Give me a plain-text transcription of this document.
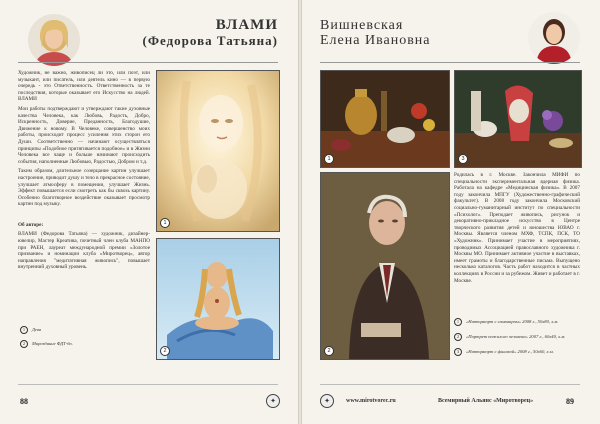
ВЛАМИ
(Федорова Татьяна)

Художник, не важно, живописец ли это, или поэт, или музыкант, или писатель, или деятель кино — в первую очередь - это Ответственность. Ответственность за те последствия, которые оказывает его Искусство на людей. ВЛАМИ

Мои работы подтверждают и утверждают такие духовные качества Человека, как Любовь, Радость, Добро, Искренность, Доверие, Преданность, Благодушие, Движение к новому. В Человеке, совершенство моих работы, происходит процесс усиления этих сторон его Души. Соответственно — начинают осуществляться принципы «Подобное притягивается подобное» и в Жизни Человека все чаще и больше начинают происходить события, наполненные Любовью, Радостью, Добром и т.д.

Таким образом, длительное созерцание картин улучшает настроение, приводит душу и тело в прекрасное состояние, улучшает атмосферу в помещении, улучшает Жизнь. Эффект повышается если смотреть как бы сквозь картину. Особенно благотворное воздействие оказывает просмотр картин под музыку.

Об авторе:

ВЛАМИ (Федорова Татьяна) — художник, дизайнер-ювелир, Мастер Креатива, почетный член клуба МАНПО при РАЕН, лауреат международной премии «Золотое призвание» и номинации клуба «Миротворец», автор направления "медитативная живопись", повышает внутренний духовный уровень.

1
2
1 Дева
2 Мироздание ФДТ-бо.
88	✦
Вишневская
Елена Ивановна
1	3
2

Родилась в г. Москве. Закончила МИФИ по специальности экспериментальная ядерная физика. Работала на кафедре «Медицинская физика». В 2007 году закончила МПГУ (Художественно-графический факультет). В 2008 году закончила Московский социально-гуманитарный институт по специальности «Психолог». Преподает живопись, рисунок и декоративно-прикладное искусство в Центре творческого развития детей и юношества ЮВАО г. Москвы. Является членом МХФ, ТСПК, ПСК, ТО «Художник». Принимает участие в мероприятиях, проводимых Ассоциацией православного художника г. Москвы МО. Принимает активное участие в выставках, имеет грамоты и благодарственные письма. Выпущено несколько каталогов. Часть работ находится в частных коллекциях в России и за рубежом. Живет и работает в г. Москве.

1 «Натюрморт с самоваром» 2008 г., 50х80, х.м.
2 «Портрет пожилого человека» 2007 г., 60х40, х.м.
3 «Натюрморт с фиалкой» 2008 г., 50х60, х.м.
✦	www.mirotvorec.ru	Всемирный Альянс «Миротворец»	89
